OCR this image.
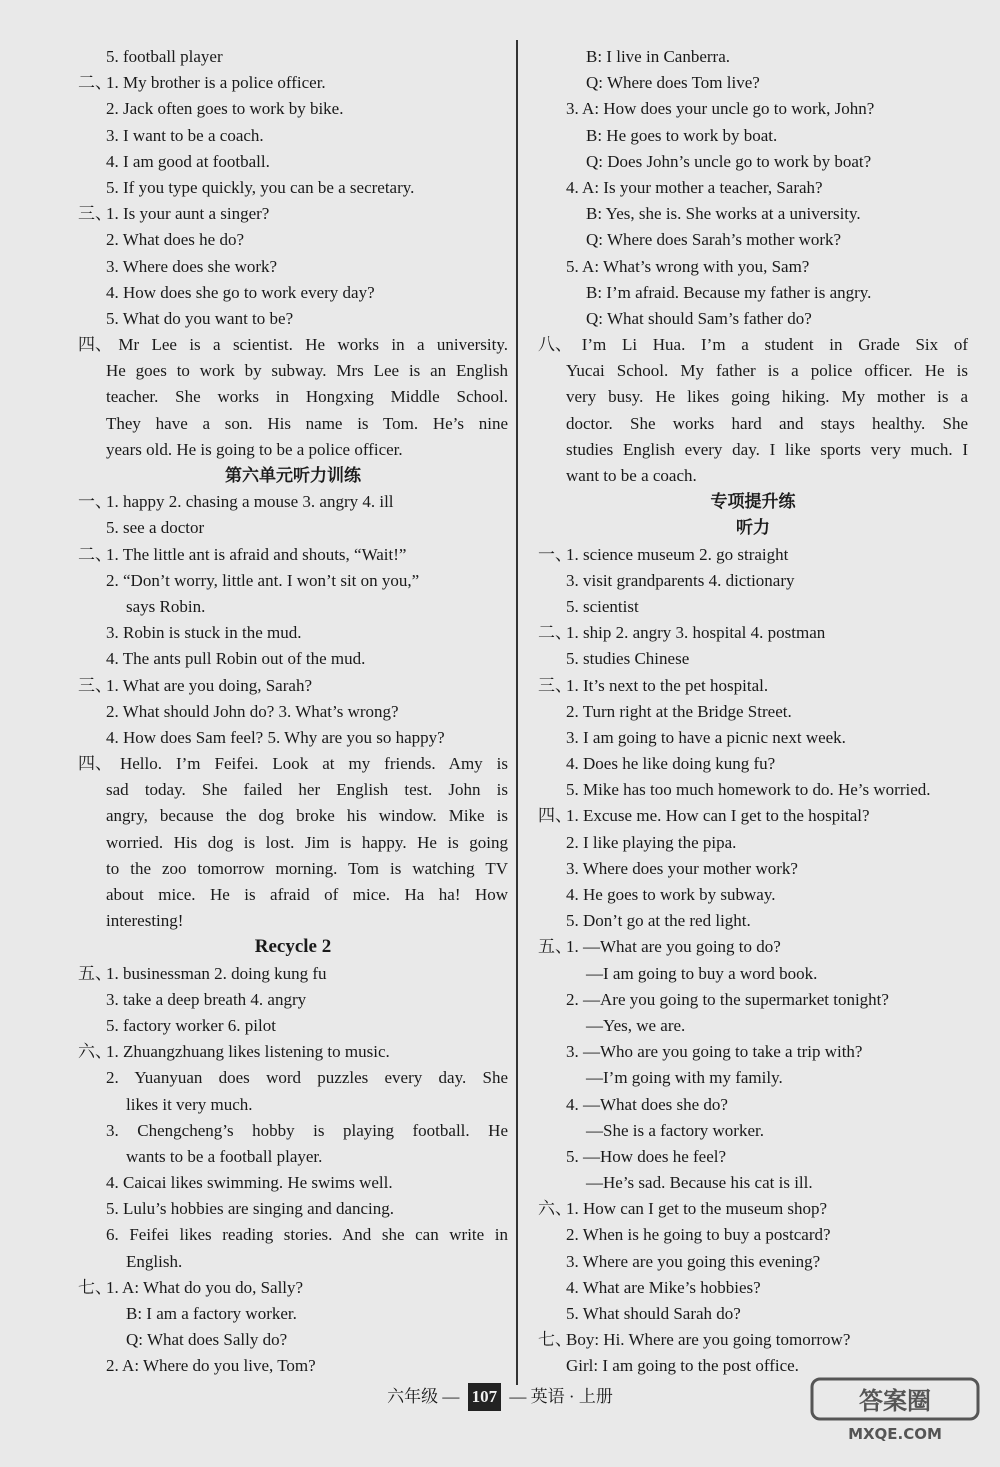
5. football player
二、1. My brother is a police officer.
2. Jack often goes to work by bike.
3. I want to be a coach.
4. I am good at football.
5. If you type quickly, you can be a secretary.
三、1. Is your aunt a singer?
2. What does he do?
3. Where does she work?
4. How does she go to work every day?
5. What do you want to be?
四、 Mr Lee is a scientist. He works in a university.
He goes to work by subway. Mrs Lee is an English
teacher. She works in Hongxing Middle School.
They have a son. His name is Tom. He’s nine
years old. He is going to be a police officer.
第六单元听力训练
一、1. happy 2. chasing a mouse 3. angry 4. ill
5. see a doctor
二、1. The little ant is afraid and shouts, “Wait!”
2. “Don’t worry, little ant. I won’t sit on you,”
says Robin.
3. Robin is stuck in the mud.
4. The ants pull Robin out of the mud.
三、1. What are you doing, Sarah?
2. What should John do? 3. What’s wrong?
4. How does Sam feel? 5. Why are you so happy?
四、 Hello. I’m Feifei. Look at my friends. Amy is
sad today. She failed her English test. John is
angry, because the dog broke his window. Mike is
worried. His dog is lost. Jim is happy. He is going
to the zoo tomorrow morning. Tom is watching TV
about mice. He is afraid of mice. Ha ha! How
interesting!
Recycle 2
五、1. businessman 2. doing kung fu
3. take a deep breath 4. angry
5. factory worker 6. pilot
六、1. Zhuangzhuang likes listening to music.
2. Yuanyuan does word puzzles every day. She
likes it very much.
3. Chengcheng’s hobby is playing football. He
wants to be a football player.
4. Caicai likes swimming. He swims well.
5. Lulu’s hobbies are singing and dancing.
6. Feifei likes reading stories. And she can write in
English.
七、1. A: What do you do, Sally?
B: I am a factory worker.
Q: What does Sally do?
2. A: Where do you live, Tom?
B: I live in Canberra.
Q: Where does Tom live?
3. A: How does your uncle go to work, John?
B: He goes to work by boat.
Q: Does John’s uncle go to work by boat?
4. A: Is your mother a teacher, Sarah?
B: Yes, she is. She works at a university.
Q: Where does Sarah’s mother work?
5. A: What’s wrong with you, Sam?
B: I’m afraid. Because my father is angry.
Q: What should Sam’s father do?
八、 I’m Li Hua. I’m a student in Grade Six of
Yucai School. My father is a police officer. He is
very busy. He likes going hiking. My mother is a
doctor. She works hard and stays healthy. She
studies English every day. I like sports very much. I
want to be a coach.
专项提升练
听力
一、1. science museum 2. go straight
3. visit grandparents 4. dictionary
5. scientist
二、1. ship 2. angry 3. hospital 4. postman
5. studies Chinese
三、1. It’s next to the pet hospital.
2. Turn right at the Bridge Street.
3. I am going to have a picnic next week.
4. Does he like doing kung fu?
5. Mike has too much homework to do. He’s worried.
四、1. Excuse me. How can I get to the hospital?
2. I like playing the pipa.
3. Where does your mother work?
4. He goes to work by subway.
5. Don’t go at the red light.
五、1. —What are you going to do?
—I am going to buy a word book.
2. —Are you going to the supermarket tonight?
—Yes, we are.
3. —Who are you going to take a trip with?
—I’m going with my family.
4. —What does she do?
—She is a factory worker.
5. —How does he feel?
—He’s sad. Because his cat is ill.
六、1. How can I get to the museum shop?
2. When is he going to buy a postcard?
3. Where are you going this evening?
4. What are Mike’s hobbies?
5. What should Sarah do?
七、Boy: Hi. Where are you going tomorrow?
Girl: I am going to the post office.
六年级 — 107 — 英语 · 上册	答案圈
MXQE.COM
